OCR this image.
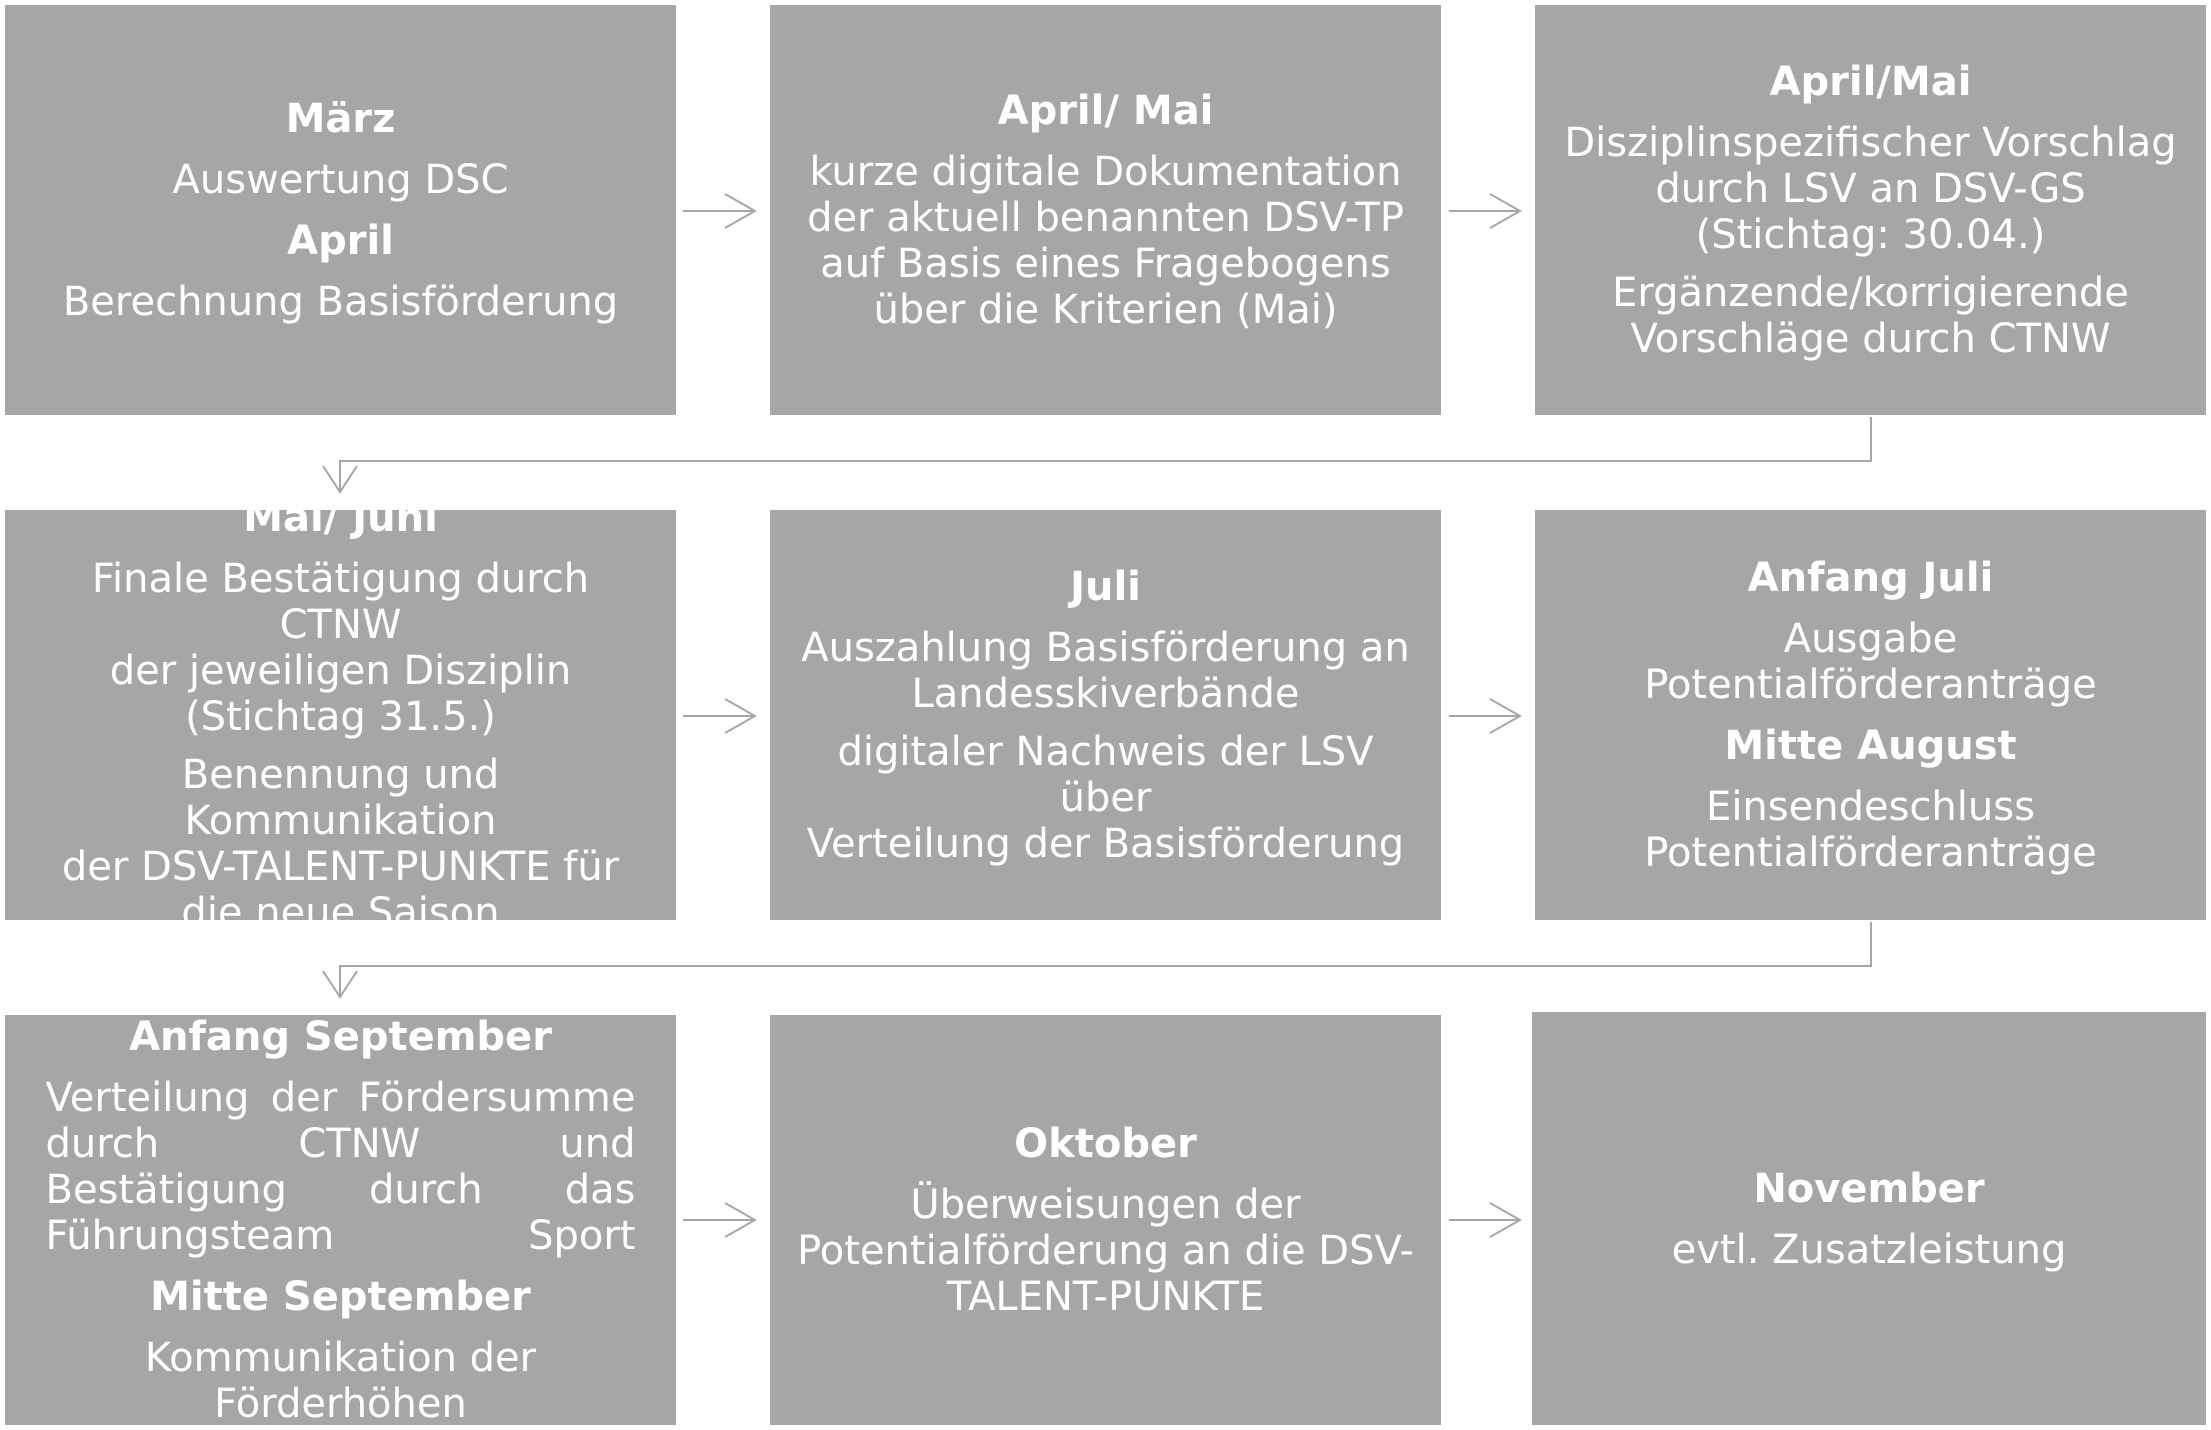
März
Auswertung DSC
April
Berechnung Basisförderung
April/ Mai
kurze digitale Dokumentation
der aktuell benannten DSV-TP
auf Basis eines Fragebogens
über die Kriterien (Mai)
April/Mai
Disziplinspezifischer Vorschlag
durch LSV an DSV-GS
(Stichtag: 30.04.)
Ergänzende/korrigierende
Vorschläge durch CTNW
Mai/ Juni
Finale Bestätigung durch CTNW
der jeweiligen Disziplin
(Stichtag 31.5.)
Benennung und Kommunikation
der DSV-TALENT-PUNKTE für
die neue Saison
Juli
Auszahlung Basisförderung an
Landesskiverbände
digitaler Nachweis der LSV über
Verteilung der Basisförderung
Anfang Juli
Ausgabe Potentialförderanträge
Mitte August
Einsendeschluss
Potentialförderanträge
Anfang September
Verteilung der Fördersumme durch CTNW und Bestätigung durch das Führungsteam Sport
Mitte September
Kommunikation der
Förderhöhen
Oktober
Überweisungen der
Potentialförderung an die DSV-
TALENT-PUNKTE
November
evtl. Zusatzleistung
